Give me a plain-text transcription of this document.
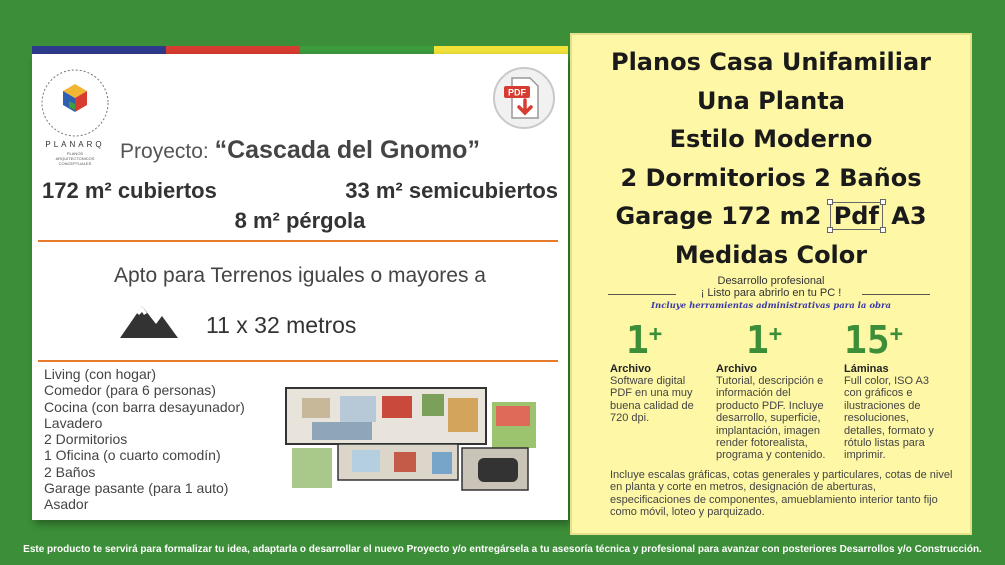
PLANARQ
PLANOS ARQUITECTONICOS CONCEPTUALES
PDF
Proyecto: “Cascada del Gnomo”
172 m² cubiertos	33 m² semicubiertos
8 m² pérgola
Apto para Terrenos iguales o mayores a
11 x 32 metros
Living (con hogar)
Comedor (para 6 personas)
Cocina (con barra desayunador)
Lavadero
2 Dormitorios
1 Oficina (o cuarto comodín)
2 Baños
Garage pasante (para 1 auto)
Asador
Planos Casa Unifamiliar
Una Planta
Estilo Moderno
2 Dormitorios 2 Baños
Garage 172 m2 Pdf A3
Medidas Color
Desarrollo profesional
¡ Listo para abrirlo en tu PC !
Incluye herramientas administrativas para la obra
1+
Archivo
Software digital PDF en una muy buena calidad de 720 dpi.
1+
Archivo
Tutorial, descripción e información del producto PDF. Incluye desarrollo, superficie, implantación, imagen render fotorealista, programa y contenido.
15+
Láminas
Full color, ISO A3 con gráficos e ilustraciones de resoluciones, detalles, formato y rótulo listas para imprimir.
Incluye escalas gráficas, cotas generales y particulares, cotas de nivel en planta y corte en metros, designación de aberturas, especificaciones de componentes, amueblamiento interior tanto fijo como móvil, loteo y parquizado.
Este producto te servirá para formalizar tu idea, adaptarla o desarrollar el nuevo Proyecto y/o entregársela a tu asesoría técnica y profesional para avanzar con posteriores Desarrollos y/o Construcción.
